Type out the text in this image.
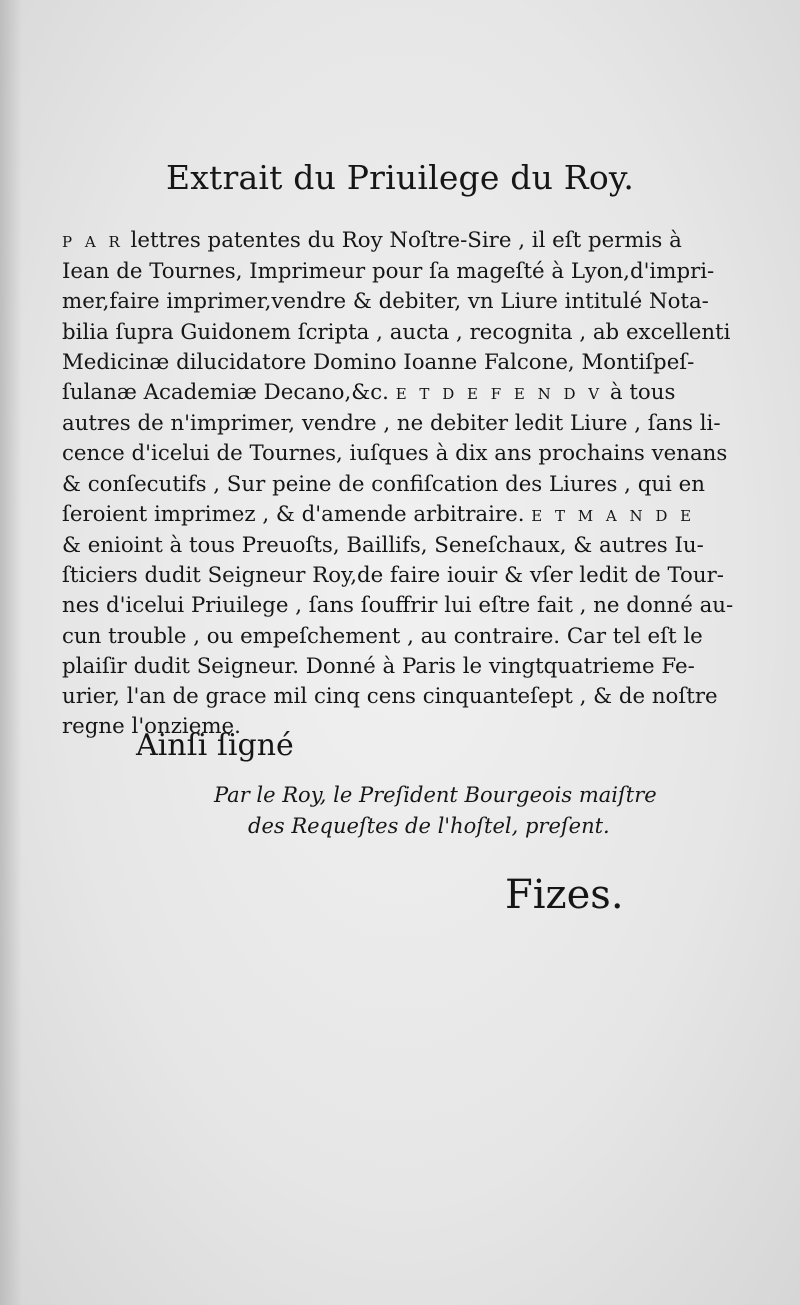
Extrait du Priuilege du Roy.
P A R lettres patentes du Roy Noſtre-Sire , il eſt permis à
Iean de Tournes, Imprimeur pour ſa mageſté à Lyon,d'impri-
mer,faire imprimer,vendre & debiter, vn Liure intitulé Nota-
bilia ſupra Guidonem ſcripta , aucta , recognita , ab excellenti
Medicinæ dilucidatore Domino Ioanne Falcone, Montiſpeſ-
ſulanæ Academiæ Decano,&c. E T D E F E N D V à tous
autres de n'imprimer, vendre , ne debiter ledit Liure , ſans li-
cence d'icelui de Tournes, iuſques à dix ans prochains venans
& conſecutifs , Sur peine de confiſcation des Liures , qui en
ſeroient imprimez , & d'amende arbitraire. E T M A N D E
& enioint à tous Preuoſts, Baillifs, Seneſchaux, & autres Iu-
ſticiers dudit Seigneur Roy,de faire iouir & vſer ledit de Tour-
nes d'icelui Priuilege , ſans ſouffrir lui eſtre fait , ne donné au-
cun trouble , ou empeſchement , au contraire. Car tel eſt le
plaiſir dudit Seigneur. Donné à Paris le vingtquatrieme Fe-
urier, l'an de grace mil cinq cens cinquanteſept , & de noſtre
regne l'onzieme.
Ainſi ſigné
Par le Roy, le Preſident Bourgeois maiſtre
des Requeſtes de l'hoſtel, preſent.
Fizes.
